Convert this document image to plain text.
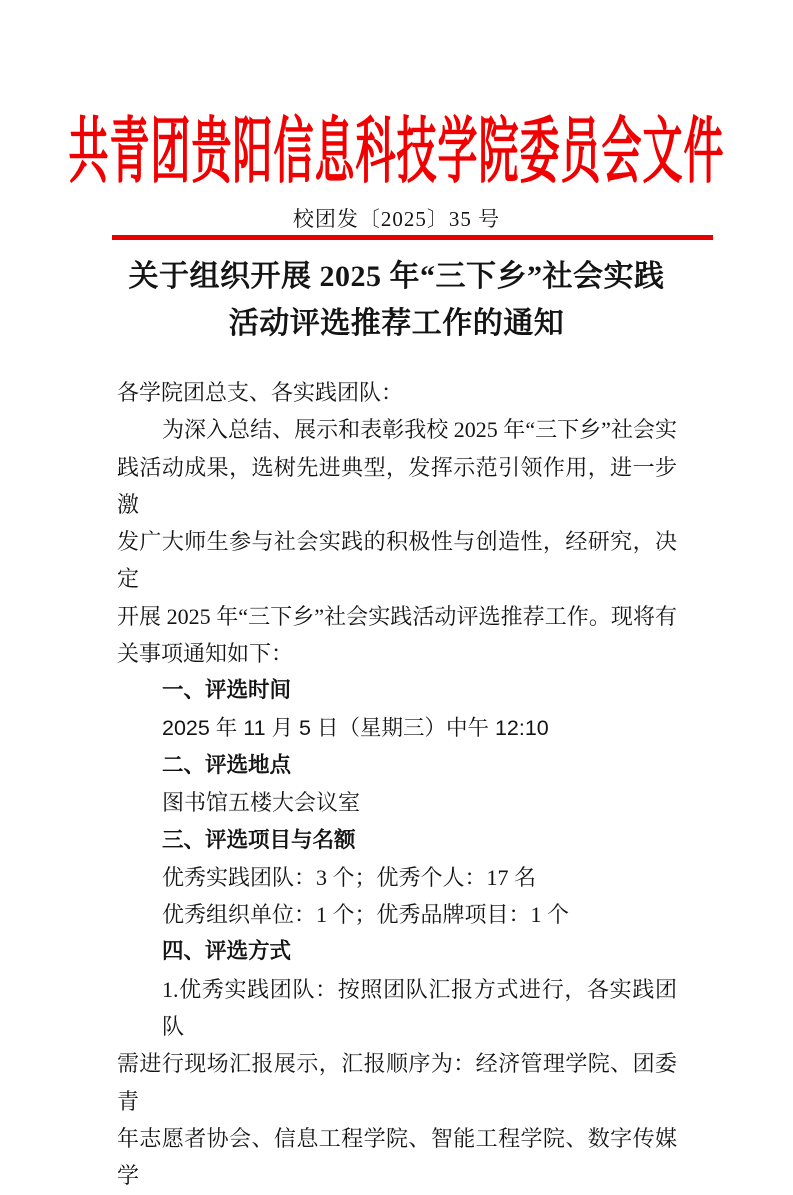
共青团贵阳信息科技学院委员会文件
校团发〔2025〕35 号
关于组织开展 2025 年“三下乡”社会实践
活动评选推荐工作的通知
各学院团总支、各实践团队：
为深入总结、展示和表彰我校 2025 年“三下乡”社会实
践活动成果，选树先进典型，发挥示范引领作用，进一步激
发广大师生参与社会实践的积极性与创造性，经研究，决定
开展 2025 年“三下乡”社会实践活动评选推荐工作。现将有
关事项通知如下：
一、评选时间
2025 年 11 月 5 日（星期三）中午 12:10
二、评选地点
图书馆五楼大会议室
三、评选项目与名额
优秀实践团队：3 个；优秀个人：17 名
优秀组织单位：1 个；优秀品牌项目：1 个
四、评选方式
1.优秀实践团队：按照团队汇报方式进行，各实践团队
需进行现场汇报展示，汇报顺序为：经济管理学院、团委青
年志愿者协会、信息工程学院、智能工程学院、数字传媒学
